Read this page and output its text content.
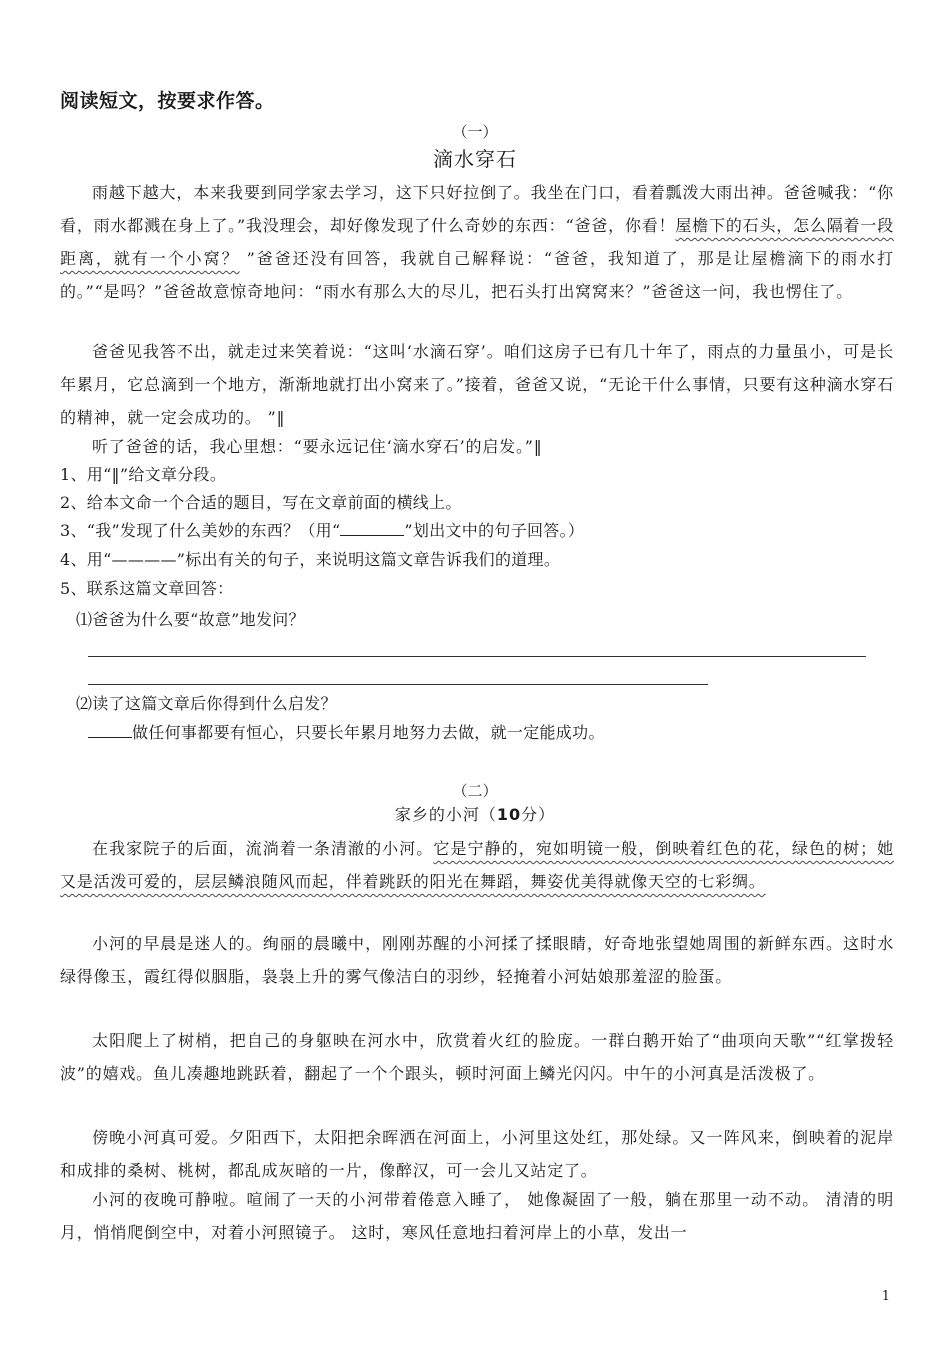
阅读短文，按要求作答。
（一）
滴水穿石
雨越下越大，本来我要到同学家去学习，这下只好拉倒了。我坐在门口，看着瓢泼大雨出神。爸爸喊我：“你看，雨水都溅在身上了。”我没理会，却好像发现了什么奇妙的东西：“爸爸，你看！屋檐下的石头，怎么隔着一段距离，就有一个小窝？ ”爸爸还没有回答，我就自己解释说：“爸爸，我知道了，那是让屋檐滴下的雨水打的。”“是吗？”爸爸故意惊奇地问：“雨水有那么大的尽儿，把石头打出窝窝来？”爸爸这一问，我也愣住了。
爸爸见我答不出，就走过来笑着说：“这叫‘水滴石穿’。咱们这房子已有几十年了，雨点的力量虽小，可是长年累月，它总滴到一个地方，渐渐地就打出小窝来了。”接着，爸爸又说，“无论干什么事情，只要有这种滴水穿石的精神，就一定会成功的。 ”‖
听了爸爸的话，我心里想：“要永远记住‘滴水穿石’的启发。”‖
1、用“‖”给文章分段。
2、给本文命一个合适的题目，写在文章前面的横线上。
3、“我”发现了什么美妙的东西？（用“	”划出文中的句子回答。）
4、用“————”标出有关的句子，来说明这篇文章告诉我们的道理。
5、联系这篇文章回答：
⑴爸爸为什么要“故意”地发问？
⑵读了这篇文章后你得到什么启发？
做任何事都要有恒心，只要长年累月地努力去做，就一定能成功。
（二）
家乡的小河（10分）
在我家院子的后面，流淌着一条清澈的小河。它是宁静的，宛如明镜一般，倒映着红色的花，绿色的树；她又是活泼可爱的，层层鳞浪随风而起，伴着跳跃的阳光在舞蹈，舞姿优美得就像天空的七彩绸。
小河的早晨是迷人的。绚丽的晨曦中，刚刚苏醒的小河揉了揉眼睛，好奇地张望她周围的新鲜东西。这时水绿得像玉，霞红得似胭脂，袅袅上升的雾气像洁白的羽纱，轻掩着小河姑娘那羞涩的脸蛋。
太阳爬上了树梢，把自己的身躯映在河水中，欣赏着火红的脸庞。一群白鹅开始了“曲项向天歌”“红掌拨轻波”的嬉戏。鱼儿凑趣地跳跃着，翻起了一个个跟头，顿时河面上鳞光闪闪。中午的小河真是活泼极了。
傍晚小河真可爱。夕阳西下，太阳把余晖洒在河面上，小河里这处红，那处绿。又一阵风来，倒映着的泥岸和成排的桑树、桃树，都乱成灰暗的一片，像醉汉，可一会儿又站定了。
小河的夜晚可静啦。喧闹了一天的小河带着倦意入睡了， 她像凝固了一般，躺在那里一动不动。 清清的明月，悄悄爬倒空中，对着小河照镜子。 这时，寒风任意地扫着河岸上的小草，发出一
1
